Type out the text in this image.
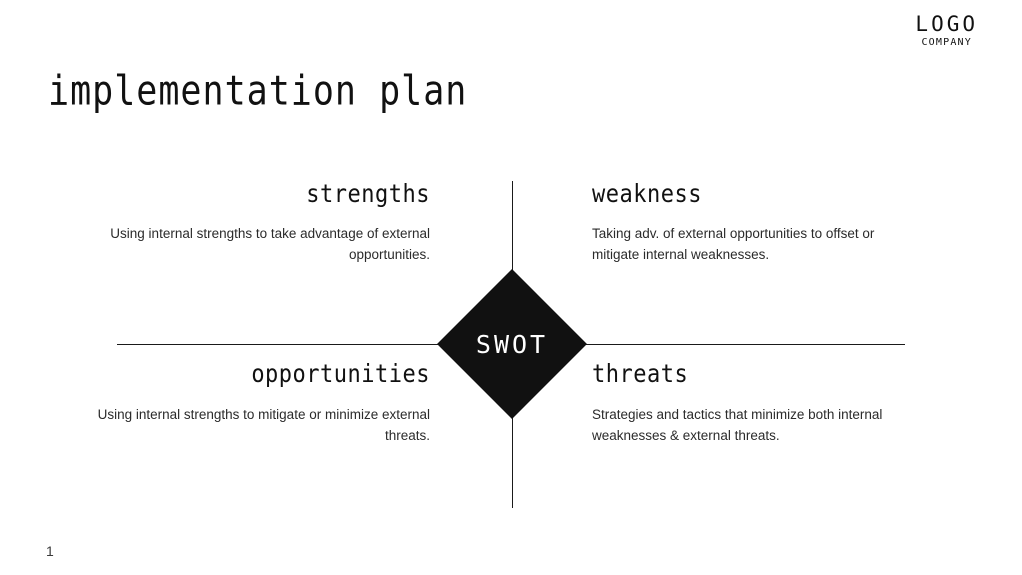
LOGO
COMPANY
implementation plan
SWOT
strengths

Using internal strengths to take advantage of external opportunities.

weakness

Taking adv. of external opportunities to offset or mitigate internal weaknesses.

opportunities

Using internal strengths to mitigate or minimize external threats.

threats

Strategies and tactics that minimize both internal weaknesses & external threats.

1
